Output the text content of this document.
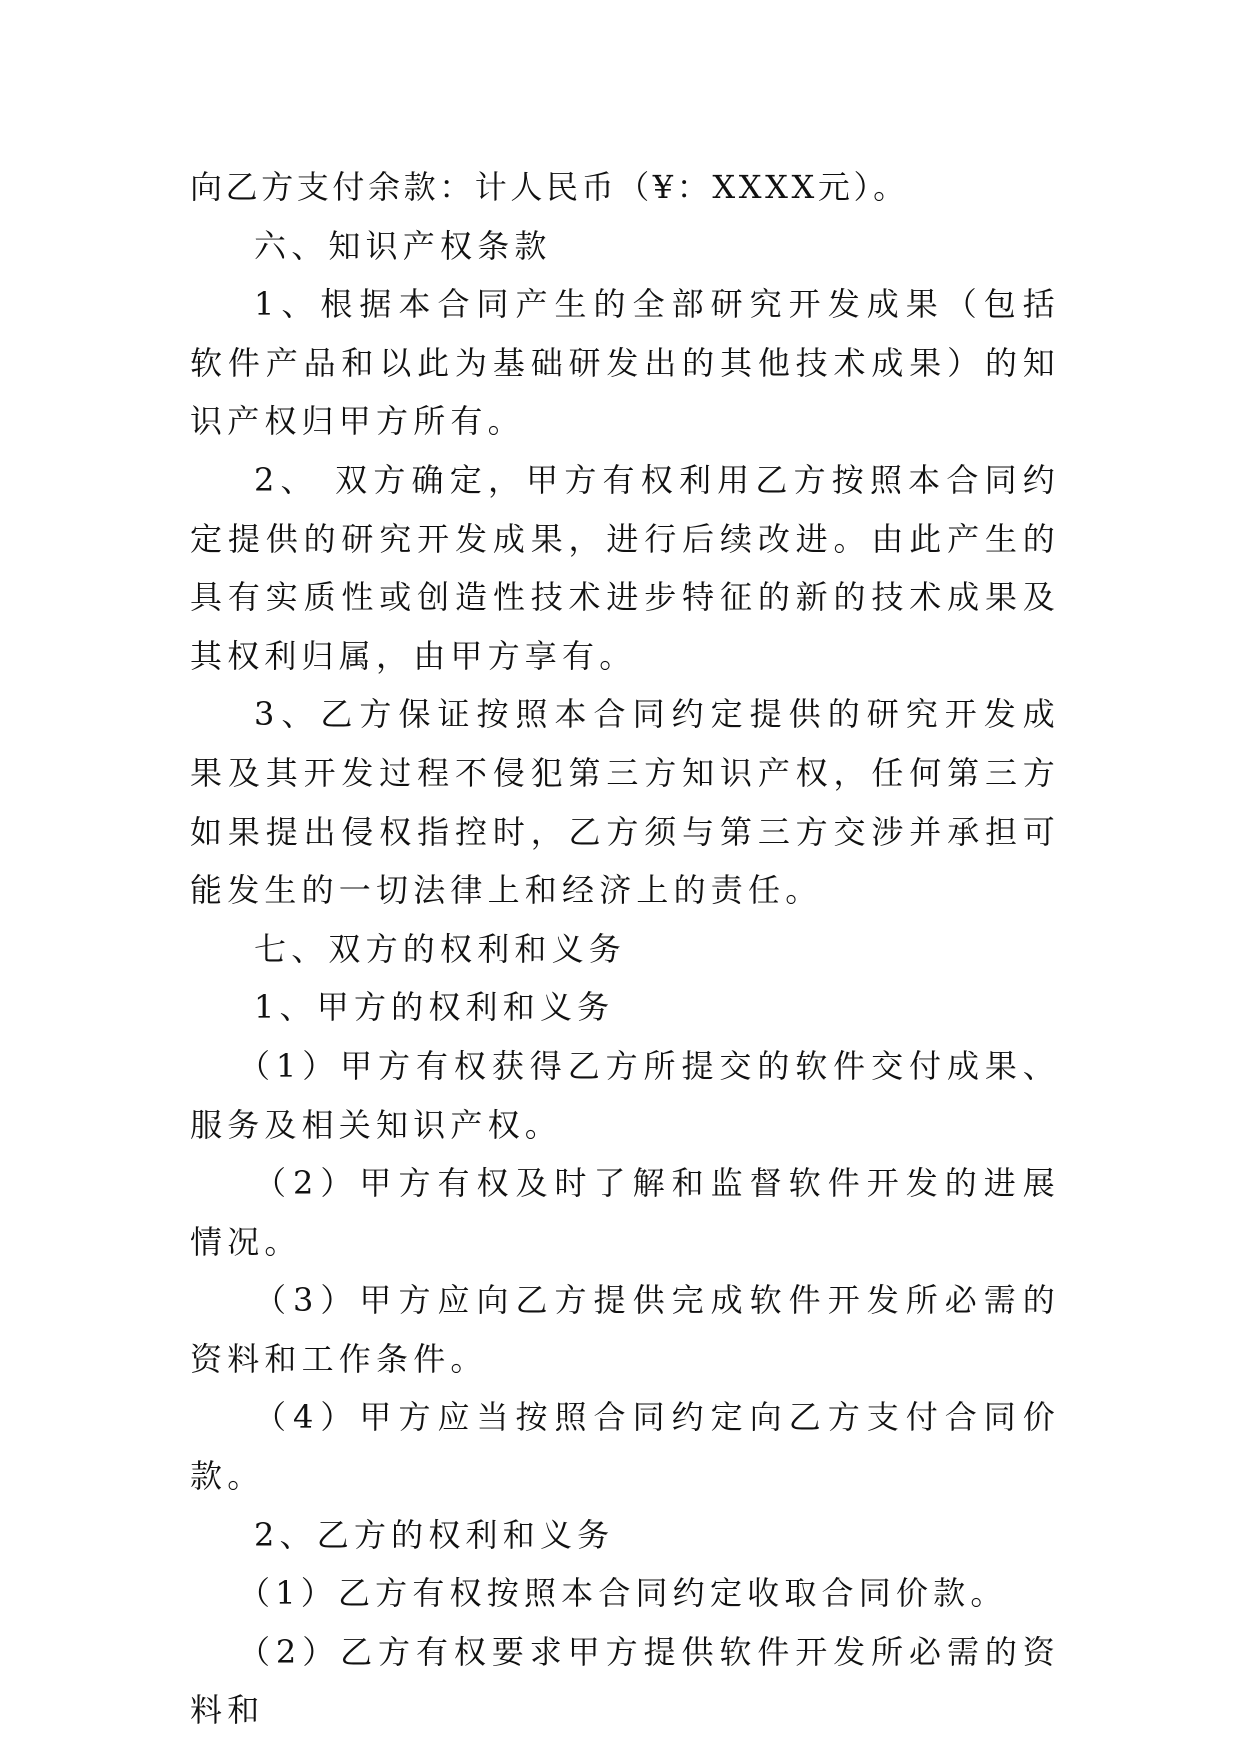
向乙方支付余款：计人民币（¥：XXXX元）。

六、知识产权条款

1、根据本合同产生的全部研究开发成果（包括软件产品和以此为基础研发出的其他技术成果）的知识产权归甲方所有。

2、 双方确定，甲方有权利用乙方按照本合同约定提供的研究开发成果，进行后续改进。由此产生的具有实质性或创造性技术进步特征的新的技术成果及其权利归属，由甲方享有。

3、乙方保证按照本合同约定提供的研究开发成果及其开发过程不侵犯第三方知识产权，任何第三方如果提出侵权指控时，乙方须与第三方交涉并承担可能发生的一切法律上和经济上的责任。

七、双方的权利和义务

1、甲方的权利和义务

（1）甲方有权获得乙方所提交的软件交付成果、服务及相关知识产权。

（2）甲方有权及时了解和监督软件开发的进展情况。

（3）甲方应向乙方提供完成软件开发所必需的资料和工作条件。

（4）甲方应当按照合同约定向乙方支付合同价款。

2、乙方的权利和义务

（1）乙方有权按照本合同约定收取合同价款。

（2）乙方有权要求甲方提供软件开发所必需的资料和
